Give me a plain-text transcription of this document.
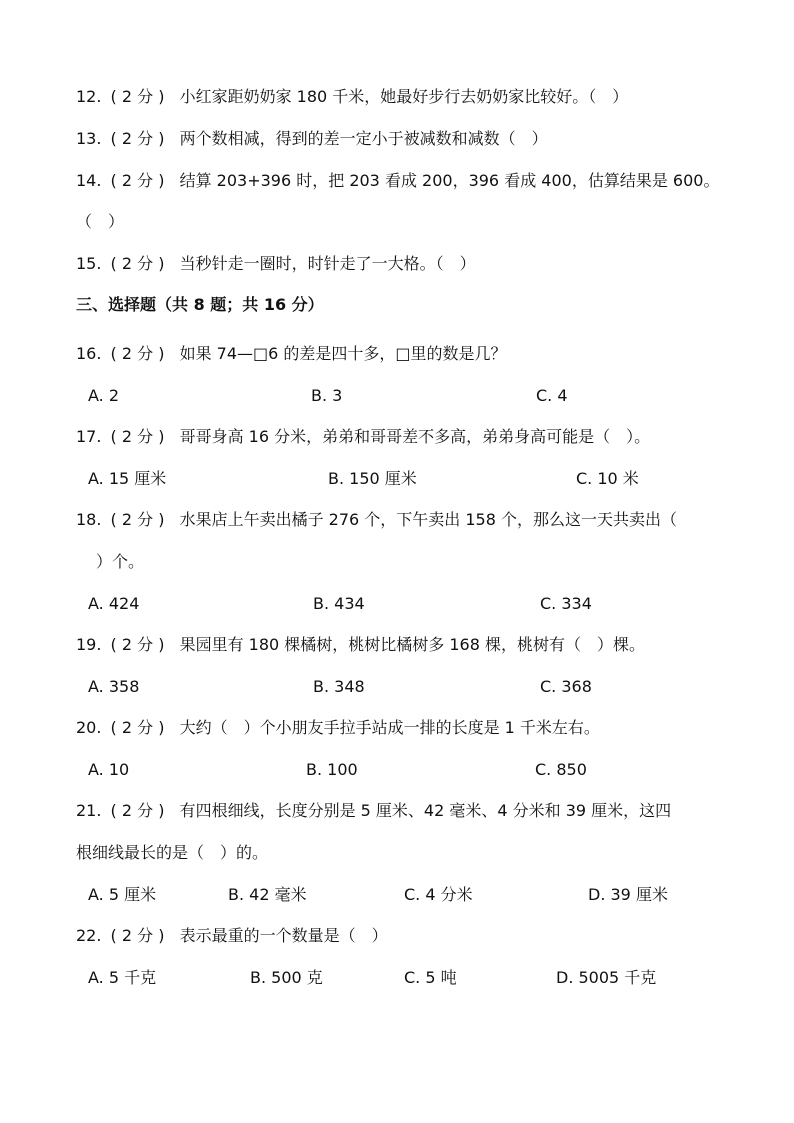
12. ( 2 分 ) 小红家距奶奶家 180 千米，她最好步行去奶奶家比较好。（　）
13. ( 2 分 ) 两个数相减，得到的差一定小于被减数和减数（　）
14. ( 2 分 ) 结算 203+396 时，把 203 看成 200，396 看成 400，估算结果是 600。
（　）
15. ( 2 分 ) 当秒针走一圈时，时针走了一大格。（　）
三、选择题（共 8 题；共 16 分）
16. ( 2 分 ) 如果 74—□6 的差是四十多，□里的数是几？
A. 2	B. 3	C. 4
17. ( 2 分 ) 哥哥身高 16 分米，弟弟和哥哥差不多高，弟弟身高可能是（　）。
A. 15 厘米	B. 150 厘米	C. 10 米
18. ( 2 分 ) 水果店上午卖出橘子 276 个，下午卖出 158 个，那么这一天共卖出（
）个。
A. 424	B. 434	C. 334
19. ( 2 分 ) 果园里有 180 棵橘树，桃树比橘树多 168 棵，桃树有（　）棵。
A. 358	B. 348	C. 368
20. ( 2 分 ) 大约（　）个小朋友手拉手站成一排的长度是 1 千米左右。
A. 10	B. 100	C. 850
21. ( 2 分 ) 有四根细线，长度分别是 5 厘米、42 毫米、4 分米和 39 厘米，这四
根细线最长的是（　）的。
A. 5 厘米	B. 42 毫米	C. 4 分米	D. 39 厘米
22. ( 2 分 ) 表示最重的一个数量是（　）
A. 5 千克	B. 500 克	C. 5 吨	D. 5005 千克
